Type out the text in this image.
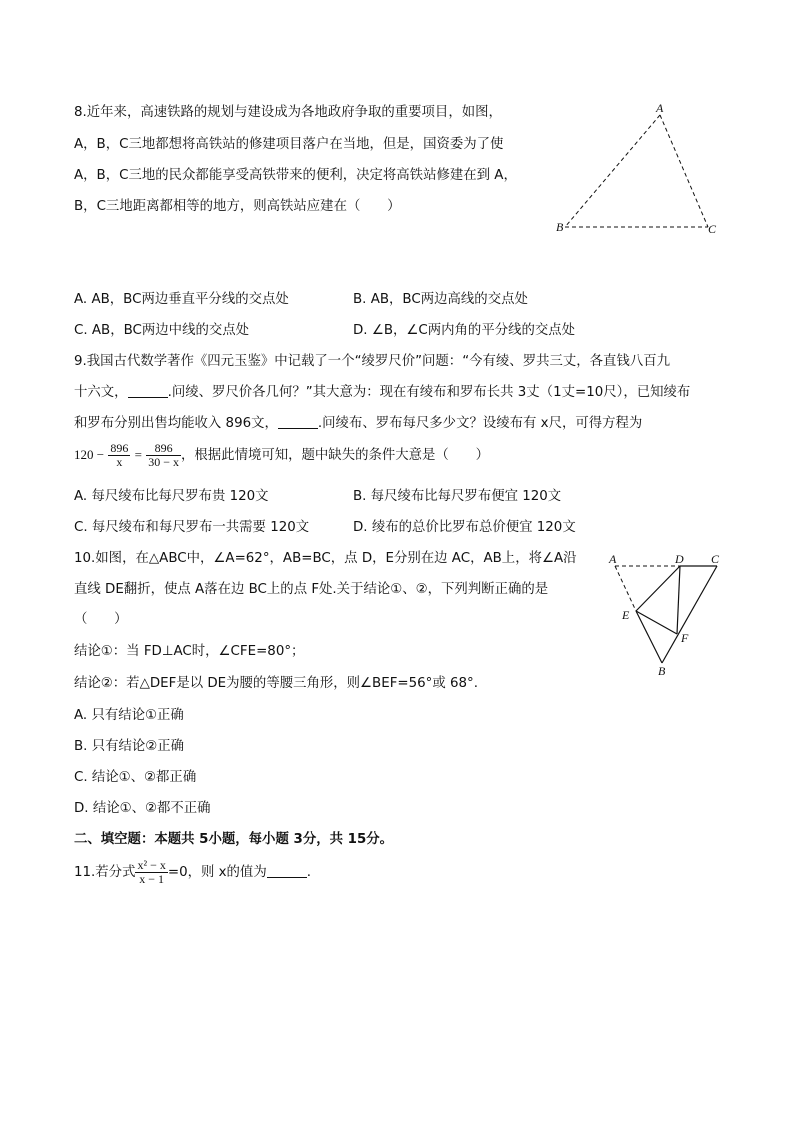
8.近年来，高速铁路的规划与建设成为各地政府争取的重要项目，如图，
A，B，C三地都想将高铁站的修建项目落户在当地，但是，国资委为了使
A，B，C三地的民众都能享受高铁带来的便利，决定将高铁站修建在到 A，
B，C三地距离都相等的地方，则高铁站应建在（　　）
A
B	C
A. AB，BC两边垂直平分线的交点处	B. AB，BC两边高线的交点处
C. AB，BC两边中线的交点处	D. ∠B，∠C两内角的平分线的交点处
9.我国古代数学著作《四元玉鉴》中记载了一个“绫罗尺价”问题：“今有绫、罗共三丈，各直钱八百九
十六文，	.问绫、罗尺价各几何？”其大意为：现在有绫布和罗布长共 3丈（1丈=10尺），已知绫布
和罗布分别出售均能收入 896文，	.问绫布、罗布每尺多少文？设绫布有 x尺，可得方程为
$120 - \frac{896}{x} = \frac{896}{30 - x}$ ，根据此情境可知，题中缺失的条件大意是（　　）
A. 每尺绫布比每尺罗布贵 120文	B. 每尺绫布比每尺罗布便宜 120文
C. 每尺绫布和每尺罗布一共需要 120文	D. 绫布的总价比罗布总价便宜 120文
10.如图，在△ABC中，∠A=62°，AB=BC，点 D，E分别在边 AC，AB上，将∠A沿
直线 DE翻折，使点 A落在边 BC上的点 F处.关于结论①、②，下列判断正确的是
（　　）
A	D C
E
F
B
结论①：当 FD⊥AC时，∠CFE=80°；
结论②：若△DEF是以 DE为腰的等腰三角形，则∠BEF=56°或 68°.
A. 只有结论①正确
B. 只有结论②正确
C. 结论①、②都正确
D. 结论①、②都不正确
二、填空题：本题共 5小题，每小题 3分，共 15分。
11.若分式 $\frac{\text{x² − x}}{x - 1} =0$，则 x的值为	.
